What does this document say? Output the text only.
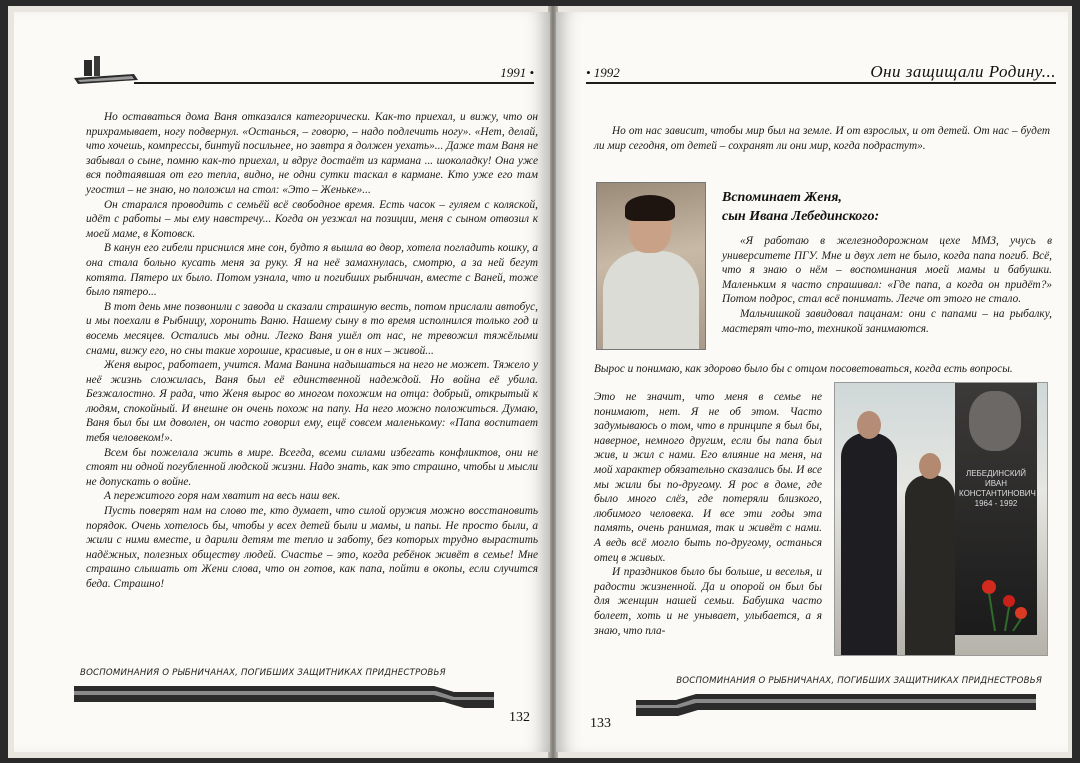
1991 •

Но оставаться дома Ваня отказался категорически. Как-то приехал, и вижу, что он прихрамывает, ногу подвернул. «Останься, – говорю, – надо подлечить ногу». «Нет, делай, что хочешь, компрессы, бинтуй посильнее, но завтра я должен уехать»... Даже там Ваня не забывал о сыне, помню как-то приехал, и вдруг достаёт из кармана ... шоколадку! Она уже вся подтаявшая от его тепла, видно, не одни сутки таскал в кармане. Кто уже его там угостил – не знаю, но положил на стол: «Это – Женьке»...

Он старался проводить с семьёй всё свободное время. Есть часок – гуляем с коляской, идёт с работы – мы ему навстречу... Когда он уезжал на позиции, меня с сыном отвозил к моей маме, в Котовск.

В канун его гибели приснился мне сон, будто я вышла во двор, хотела погладить кошку, а она стала больно кусать меня за руку. Я на неё замахнулась, смотрю, а за ней бегут котята. Пятеро их было. Потом узнала, что и погибших рыбничан, вместе с Ваней, тоже было пятеро...

В тот день мне позвонили с завода и сказали страшную весть, потом прислали автобус, и мы поехали в Рыбницу, хоронить Ваню. Нашему сыну в то время исполнился только год и восемь месяцев. Остались мы одни. Легко Ваня ушёл от нас, не тревожил тяжёлыми снами, вижу его, но сны такие хорошие, красивые, и он в них – живой...

Женя вырос, работает, учится. Мама Ванина надышаться на него не может. Тяжело у неё жизнь сложилась, Ваня был её единственной надеждой. Но война её убила. Безжалостно. Я рада, что Женя вырос во многом похожим на отца: добрый, открытый к людям, спокойный. И внешне он очень похож на папу. На него можно положиться. Думаю, Ваня был бы им доволен, он часто говорил ему, ещё совсем маленькому: «Папа воспитает тебя человеком!».

Всем бы пожелала жить в мире. Всегда, всеми силами избегать конфликтов, они не стоят ни одной погубленной людской жизни. Надо знать, как это страшно, чтобы и мысли не допускать о войне.

А пережитого горя нам хватит на весь наш век.

Пусть поверят нам на слово те, кто думает, что силой оружия можно восстановить порядок. Очень хотелось бы, чтобы у всех детей были и мамы, и папы. Не просто были, а жили с ними вместе, и дарили детям те тепло и заботу, без которых трудно вырастить надёжных, полезных обществу людей. Счастье – это, когда ребёнок живёт в семье! Мне страшно слышать от Жени слова, что он готов, как папа, пойти в окопы, если случится беда. Страшно!

ВОСПОМИНАНИЯ О РЫБНИЧАНАХ, ПОГИБШИХ ЗАЩИТНИКАХ ПРИДНЕСТРОВЬЯ
132
• 1992	Они защищали Родину...

Но от нас зависит, чтобы мир был на земле. И от взрослых, и от детей. От нас – будет ли мир сегодня, от детей – сохранят ли они мир, когда подрастут».

Вспоминает Женя,
сын Ивана Лебединского:

«Я работаю в железнодорожном цехе ММЗ, учусь в университете ПГУ. Мне и двух лет не было, когда папа погиб. Всё, что я знаю о нём – воспоминания моей мамы и бабушки. Маленьким я часто спрашивал: «Где папа, а когда он придёт?» Потом подрос, стал всё понимать. Легче от этого не стало.

Мальчишкой завидовал пацанам: они с папами – на рыбалку, мастерят что-то, техникой занимаются.

Вырос и понимаю, как здорово было бы с отцом посоветоваться, когда есть вопросы.

Это не значит, что меня в семье не понимают, нет. Я не об этом. Часто задумываюсь о том, что в принципе я был бы, наверное, немного другим, если бы папа был жив, и жил с нами. Его влияние на меня, на мой характер обязательно сказались бы. И все мы жили бы по-другому. Я рос в доме, где было много слёз, где потеряли близкого, любимого человека. И все эти годы эта память, очень ранимая, так и живёт с нами. А ведь всё могло быть по-другому, останься отец в живых.

И праздников было бы больше, и веселья, и радости жизненной. Да и опорой он был бы для женщин нашей семьи. Бабушка часто болеет, хоть и не унывает, улыбается, а я знаю, что пла-

ЛЕБЕДИНСКИЙ ИВАН КОНСТАНТИНОВИЧ 1964 - 1992
ВОСПОМИНАНИЯ О РЫБНИЧАНАХ, ПОГИБШИХ ЗАЩИТНИКАХ ПРИДНЕСТРОВЬЯ
133
